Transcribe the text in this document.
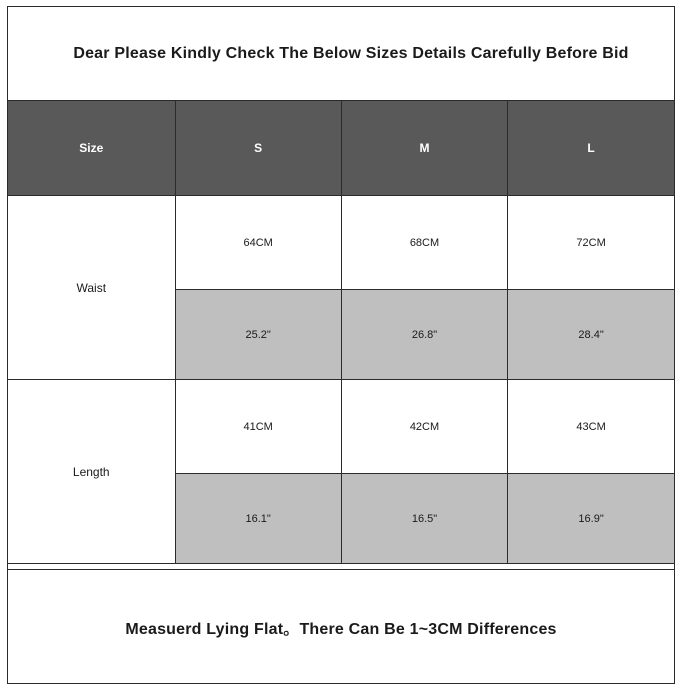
Dear Please Kindly Check The Below Sizes Details Carefully Before Bid
Size	S	M	L
Waist	64CM	68CM	72CM
	25.2"	26.8"	28.4"
Length	41CM	42CM	43CM
	16.1"	16.5"	16.9"
Measuerd Lying Flat。There Can Be 1~3CM Differences
